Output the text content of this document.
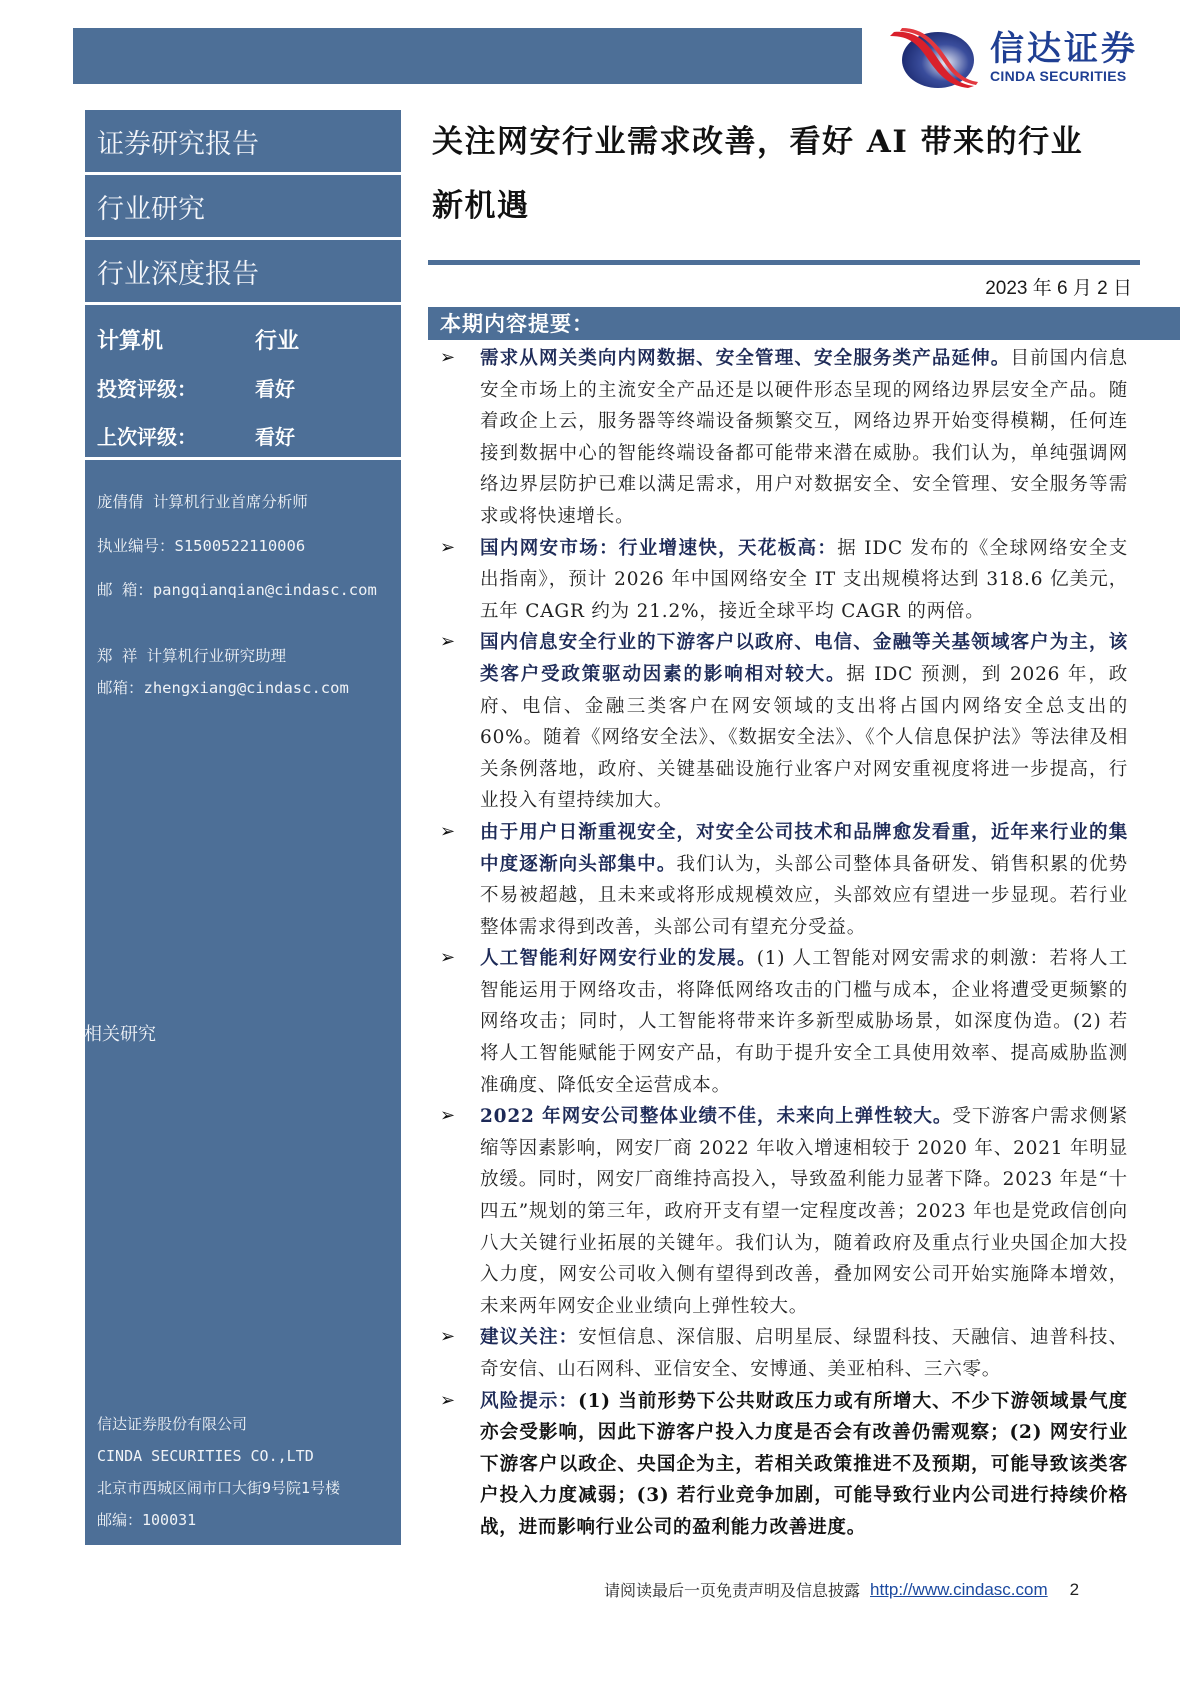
信达证券
CINDA SECURITIES
证券研究报告
行业研究
行业深度报告
计算机	行业
投资评级：	看好
上次评级：	看好
庞倩倩 计算机行业首席分析师
执业编号：S1500522110006
邮 箱：pangqianqian@cindasc.com
郑 祥 计算机行业研究助理
邮箱：zhengxiang@cindasc.com
相关研究
信达证券股份有限公司
CINDA SECURITIES CO.,LTD
北京市西城区闹市口大街9号院1号楼
邮编：100031
关注网安行业需求改善，看好 AI 带来的行业
新机遇
2023 年 6 月 2 日
本期内容提要：
➢	需求从网关类向内网数据、安全管理、安全服务类产品延伸。目前国内信息安全市场上的主流安全产品还是以硬件形态呈现的网络边界层安全产品。随着政企上云，服务器等终端设备频繁交互，网络边界开始变得模糊，任何连接到数据中心的智能终端设备都可能带来潜在威胁。我们认为，单纯强调网络边界层防护已难以满足需求，用户对数据安全、安全管理、安全服务等需求或将快速增长。
➢	国内网安市场：行业增速快，天花板高：据 IDC 发布的《全球网络安全支出指南》，预计 2026 年中国网络安全 IT 支出规模将达到 318.6 亿美元，五年 CAGR 约为 21.2%，接近全球平均 CAGR 的两倍。
➢	国内信息安全行业的下游客户以政府、电信、金融等关基领域客户为主，该类客户受政策驱动因素的影响相对较大。据 IDC 预测，到 2026 年，政府、电信、金融三类客户在网安领域的支出将占国内网络安全总支出的 60%。随着《网络安全法》、《数据安全法》、《个人信息保护法》等法律及相关条例落地，政府、关键基础设施行业客户对网安重视度将进一步提高，行业投入有望持续加大。
➢	由于用户日渐重视安全，对安全公司技术和品牌愈发看重，近年来行业的集中度逐渐向头部集中。我们认为，头部公司整体具备研发、销售积累的优势不易被超越，且未来或将形成规模效应，头部效应有望进一步显现。若行业整体需求得到改善，头部公司有望充分受益。
➢	人工智能利好网安行业的发展。(1) 人工智能对网安需求的刺激：若将人工智能运用于网络攻击，将降低网络攻击的门槛与成本，企业将遭受更频繁的网络攻击；同时，人工智能将带来许多新型威胁场景，如深度伪造。(2) 若将人工智能赋能于网安产品，有助于提升安全工具使用效率、提高威胁监测准确度、降低安全运营成本。
➢	2022 年网安公司整体业绩不佳，未来向上弹性较大。受下游客户需求侧紧缩等因素影响，网安厂商 2022 年收入增速相较于 2020 年、2021 年明显放缓。同时，网安厂商维持高投入，导致盈利能力显著下降。2023 年是“十四五”规划的第三年，政府开支有望一定程度改善；2023 年也是党政信创向八大关键行业拓展的关键年。我们认为，随着政府及重点行业央国企加大投入力度，网安公司收入侧有望得到改善，叠加网安公司开始实施降本增效，未来两年网安企业业绩向上弹性较大。
➢	建议关注：安恒信息、深信服、启明星辰、绿盟科技、天融信、迪普科技、奇安信、山石网科、亚信安全、安博通、美亚柏科、三六零。
➢	风险提示：(1) 当前形势下公共财政压力或有所增大、不少下游领域景气度亦会受影响，因此下游客户投入力度是否会有改善仍需观察；(2) 网安行业下游客户以政企、央国企为主，若相关政策推进不及预期，可能导致该类客户投入力度减弱；(3) 若行业竞争加剧，可能导致行业内公司进行持续价格战，进而影响行业公司的盈利能力改善进度。
请阅读最后一页免责声明及信息披露 http://www.cindasc.com 2
